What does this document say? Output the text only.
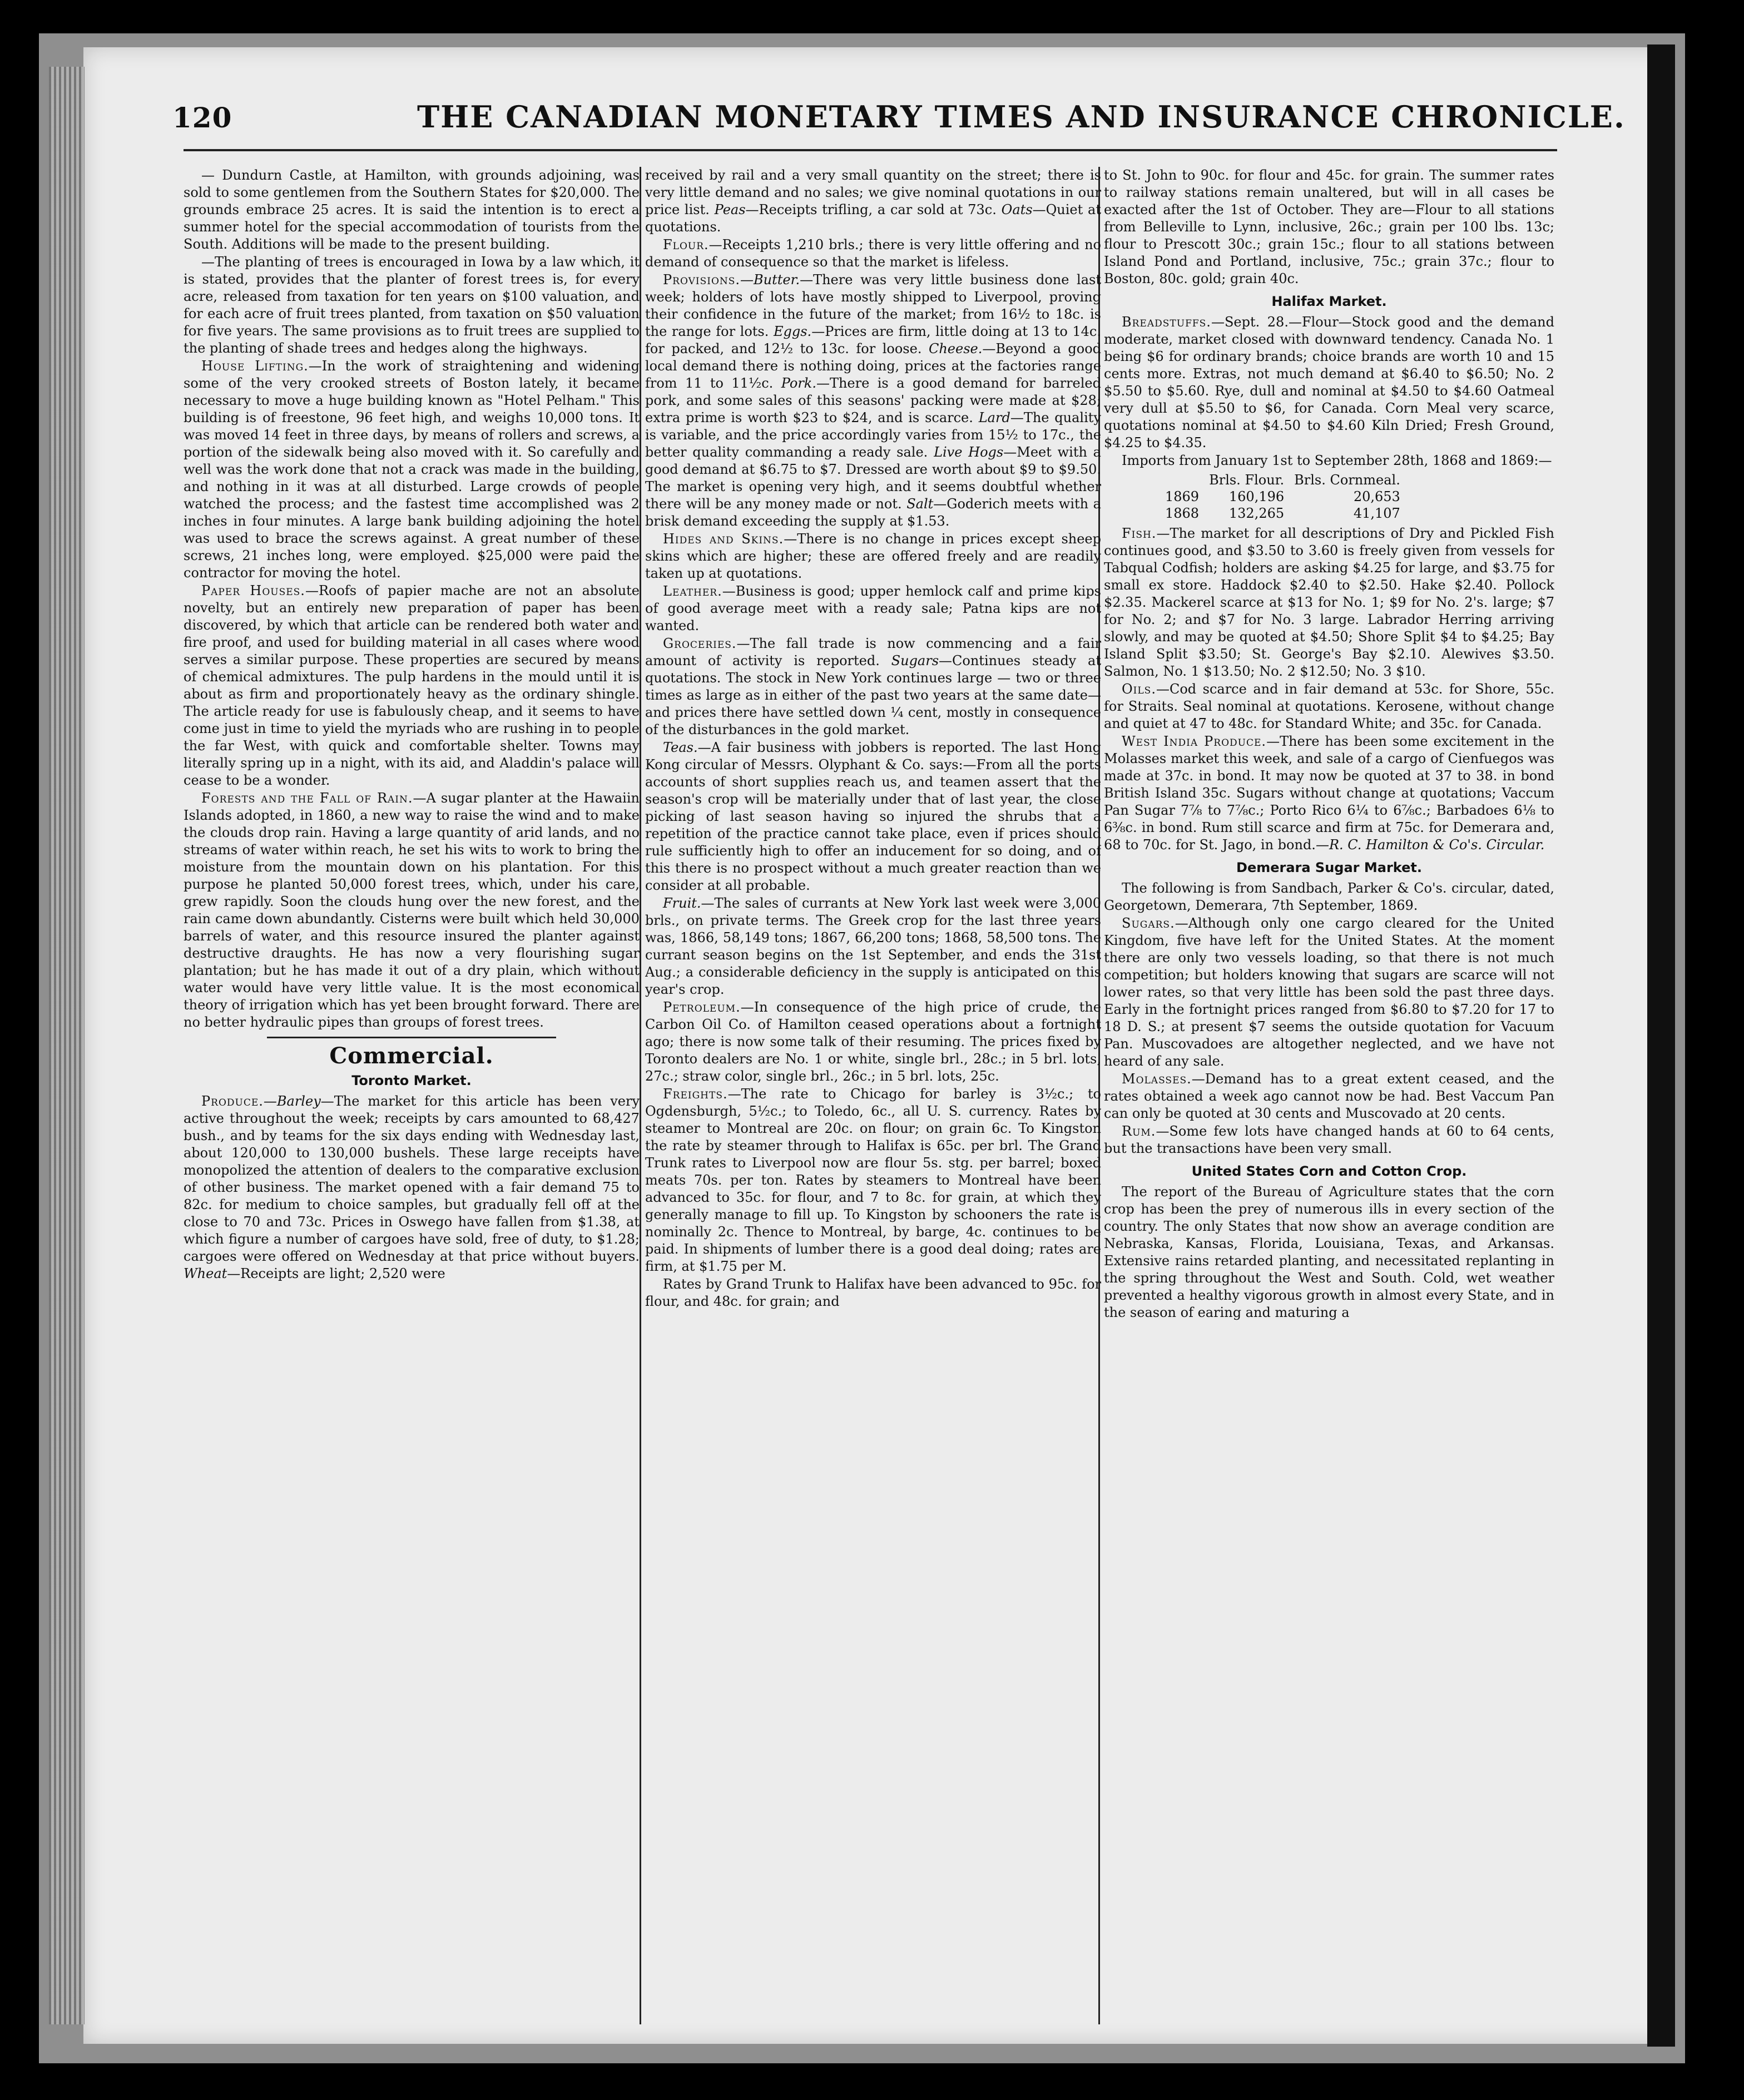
120	THE CANADIAN MONETARY TIMES AND INSURANCE CHRONICLE.

— Dundurn Castle, at Hamilton, with grounds adjoining, was sold to some gentlemen from the Southern States for $20,000. The grounds embrace 25 acres. It is said the intention is to erect a summer hotel for the special accommodation of tourists from the South. Additions will be made to the present building.

—The planting of trees is encouraged in Iowa by a law which, it is stated, provides that the planter of forest trees is, for every acre, released from taxation for ten years on $100 valuation, and for each acre of fruit trees planted, from taxation on $50 valuation for five years. The same provisions as to fruit trees are supplied to the planting of shade trees and hedges along the highways.

House Lifting.—In the work of straightening and widening some of the very crooked streets of Boston lately, it became necessary to move a huge building known as "Hotel Pelham." This building is of freestone, 96 feet high, and weighs 10,000 tons. It was moved 14 feet in three days, by means of rollers and screws, a portion of the sidewalk being also moved with it. So carefully and well was the work done that not a crack was made in the building, and nothing in it was at all disturbed. Large crowds of people watched the process; and the fastest time accomplished was 2 inches in four minutes. A large bank building adjoining the hotel was used to brace the screws against. A great number of these screws, 21 inches long, were employed. $25,000 were paid the contractor for moving the hotel.

Paper Houses.—Roofs of papier mache are not an absolute novelty, but an entirely new preparation of paper has been discovered, by which that article can be rendered both water and fire proof, and used for building material in all cases where wood serves a similar purpose. These properties are secured by means of chemical admixtures. The pulp hardens in the mould until it is about as firm and proportionately heavy as the ordinary shingle. The article ready for use is fabulously cheap, and it seems to have come just in time to yield the myriads who are rushing in to people the far West, with quick and comfortable shelter. Towns may literally spring up in a night, with its aid, and Aladdin's palace will cease to be a wonder.

Forests and the Fall of Rain.—A sugar planter at the Hawaiin Islands adopted, in 1860, a new way to raise the wind and to make the clouds drop rain. Having a large quantity of arid lands, and no streams of water within reach, he set his wits to work to bring the moisture from the mountain down on his plantation. For this purpose he planted 50,000 forest trees, which, under his care, grew rapidly. Soon the clouds hung over the new forest, and the rain came down abundantly. Cisterns were built which held 30,000 barrels of water, and this resource insured the planter against destructive draughts. He has now a very flourishing sugar plantation; but he has made it out of a dry plain, which without water would have very little value. It is the most economical theory of irrigation which has yet been brought forward. There are no better hydraulic pipes than groups of forest trees.

Commercial.
Toronto Market.

Produce.—Barley—The market for this article has been very active throughout the week; receipts by cars amounted to 68,427 bush., and by teams for the six days ending with Wednesday last, about 120,000 to 130,000 bushels. These large receipts have monopolized the attention of dealers to the comparative exclusion of other business. The market opened with a fair demand 75 to 82c. for medium to choice samples, but gradually fell off at the close to 70 and 73c. Prices in Oswego have fallen from $1.38, at which figure a number of cargoes have sold, free of duty, to $1.28; cargoes were offered on Wednesday at that price without buyers. Wheat—Receipts are light; 2,520 were

received by rail and a very small quantity on the street; there is very little demand and no sales; we give nominal quotations in our price list. Peas—Receipts trifling, a car sold at 73c. Oats—Quiet at quotations.

Flour.—Receipts 1,210 brls.; there is very little offering and no demand of consequence so that the market is lifeless.

Provisions.—Butter.—There was very little business done last week; holders of lots have mostly shipped to Liverpool, proving their confidence in the future of the market; from 16½ to 18c. is the range for lots. Eggs.—Prices are firm, little doing at 13 to 14c. for packed, and 12½ to 13c. for loose. Cheese.—Beyond a good local demand there is nothing doing, prices at the factories range from 11 to 11½c. Pork.—There is a good demand for barreled pork, and some sales of this seasons' packing were made at $28; extra prime is worth $23 to $24, and is scarce. Lard—The quality is variable, and the price accordingly varies from 15½ to 17c., the better quality commanding a ready sale. Live Hogs—Meet with a good demand at $6.75 to $7. Dressed are worth about $9 to $9.50. The market is opening very high, and it seems doubtful whether there will be any money made or not. Salt—Goderich meets with a brisk demand exceeding the supply at $1.53.

Hides and Skins.—There is no change in prices except sheep skins which are higher; these are offered freely and are readily taken up at quotations.

Leather.—Business is good; upper hemlock calf and prime kips of good average meet with a ready sale; Patna kips are not wanted.

Groceries.—The fall trade is now commencing and a fair amount of activity is reported. Sugars—Continues steady at quotations. The stock in New York continues large — two or three times as large as in either of the past two years at the same date—and prices there have settled down ¼ cent, mostly in consequence of the disturbances in the gold market.

Teas.—A fair business with jobbers is reported. The last Hong Kong circular of Messrs. Olyphant & Co. says:—From all the ports accounts of short supplies reach us, and teamen assert that the season's crop will be materially under that of last year, the close picking of last season having so injured the shrubs that a repetition of the practice cannot take place, even if prices should rule sufficiently high to offer an inducement for so doing, and of this there is no prospect without a much greater reaction than we consider at all probable.

Fruit.—The sales of currants at New York last week were 3,000 brls., on private terms. The Greek crop for the last three years was, 1866, 58,149 tons; 1867, 66,200 tons; 1868, 58,500 tons. The currant season begins on the 1st September, and ends the 31st Aug.; a considerable deficiency in the supply is anticipated on this year's crop.

Petroleum.—In consequence of the high price of crude, the Carbon Oil Co. of Hamilton ceased operations about a fortnight ago; there is now some talk of their resuming. The prices fixed by Toronto dealers are No. 1 or white, single brl., 28c.; in 5 brl. lots, 27c.; straw color, single brl., 26c.; in 5 brl. lots, 25c.

Freights.—The rate to Chicago for barley is 3½c.; to Ogdensburgh, 5½c.; to Toledo, 6c., all U. S. currency. Rates by steamer to Montreal are 20c. on flour; on grain 6c. To Kingston the rate by steamer through to Halifax is 65c. per brl. The Grand Trunk rates to Liverpool now are flour 5s. stg. per barrel; boxed meats 70s. per ton. Rates by steamers to Montreal have been advanced to 35c. for flour, and 7 to 8c. for grain, at which they generally manage to fill up. To Kingston by schooners the rate is nominally 2c. Thence to Montreal, by barge, 4c. continues to be paid. In shipments of lumber there is a good deal doing; rates are firm, at $1.75 per M.

Rates by Grand Trunk to Halifax have been advanced to 95c. for flour, and 48c. for grain; and

to St. John to 90c. for flour and 45c. for grain. The summer rates to railway stations remain unaltered, but will in all cases be exacted after the 1st of October. They are—Flour to all stations from Belleville to Lynn, inclusive, 26c.; grain per 100 lbs. 13c; flour to Prescott 30c.; grain 15c.; flour to all stations between Island Pond and Portland, inclusive, 75c.; grain 37c.; flour to Boston, 80c. gold; grain 40c.

Halifax Market.

Breadstuffs.—Sept. 28.—Flour—Stock good and the demand moderate, market closed with downward tendency. Canada No. 1 being $6 for ordinary brands; choice brands are worth 10 and 15 cents more. Extras, not much demand at $6.40 to $6.50; No. 2 $5.50 to $5.60. Rye, dull and nominal at $4.50 to $4.60 Oatmeal very dull at $5.50 to $6, for Canada. Corn Meal very scarce, quotations nominal at $4.50 to $4.60 Kiln Dried; Fresh Ground, $4.25 to $4.35.

Imports from January 1st to September 28th, 1868 and 1869:—

	Brls. Flour.	Brls. Cornmeal.
1869	160,196	20,653
1868	132,265	41,107

Fish.—The market for all descriptions of Dry and Pickled Fish continues good, and $3.50 to 3.60 is freely given from vessels for Tabqual Codfish; holders are asking $4.25 for large, and $3.75 for small ex store. Haddock $2.40 to $2.50. Hake $2.40. Pollock $2.35. Mackerel scarce at $13 for No. 1; $9 for No. 2's. large; $7 for No. 2; and $7 for No. 3 large. Labrador Herring arriving slowly, and may be quoted at $4.50; Shore Split $4 to $4.25; Bay Island Split $3.50; St. George's Bay $2.10. Alewives $3.50. Salmon, No. 1 $13.50; No. 2 $12.50; No. 3 $10.

Oils.—Cod scarce and in fair demand at 53c. for Shore, 55c. for Straits. Seal nominal at quotations. Kerosene, without change and quiet at 47 to 48c. for Standard White; and 35c. for Canada.

West India Produce.—There has been some excitement in the Molasses market this week, and sale of a cargo of Cienfuegos was made at 37c. in bond. It may now be quoted at 37 to 38. in bond British Island 35c. Sugars without change at quotations; Vaccum Pan Sugar 7⅞ to 7⅞c.; Porto Rico 6¼ to 6⅞c.; Barbadoes 6⅛ to 6⅜c. in bond. Rum still scarce and firm at 75c. for Demerara and, 68 to 70c. for St. Jago, in bond.—R. C. Hamilton & Co's. Circular.

Demerara Sugar Market.

The following is from Sandbach, Parker & Co's. circular, dated, Georgetown, Demerara, 7th September, 1869.

Sugars.—Although only one cargo cleared for the United Kingdom, five have left for the United States. At the moment there are only two vessels loading, so that there is not much competition; but holders knowing that sugars are scarce will not lower rates, so that very little has been sold the past three days. Early in the fortnight prices ranged from $6.80 to $7.20 for 17 to 18 D. S.; at present $7 seems the outside quotation for Vacuum Pan. Muscovadoes are altogether neglected, and we have not heard of any sale.

Molasses.—Demand has to a great extent ceased, and the rates obtained a week ago cannot now be had. Best Vaccum Pan can only be quoted at 30 cents and Muscovado at 20 cents.

Rum.—Some few lots have changed hands at 60 to 64 cents, but the transactions have been very small.

United States Corn and Cotton Crop.

The report of the Bureau of Agriculture states that the corn crop has been the prey of numerous ills in every section of the country. The only States that now show an average condition are Nebraska, Kansas, Florida, Louisiana, Texas, and Arkansas. Extensive rains retarded planting, and necessitated replanting in the spring throughout the West and South. Cold, wet weather prevented a healthy vigorous growth in almost every State, and in the season of earing and maturing a
